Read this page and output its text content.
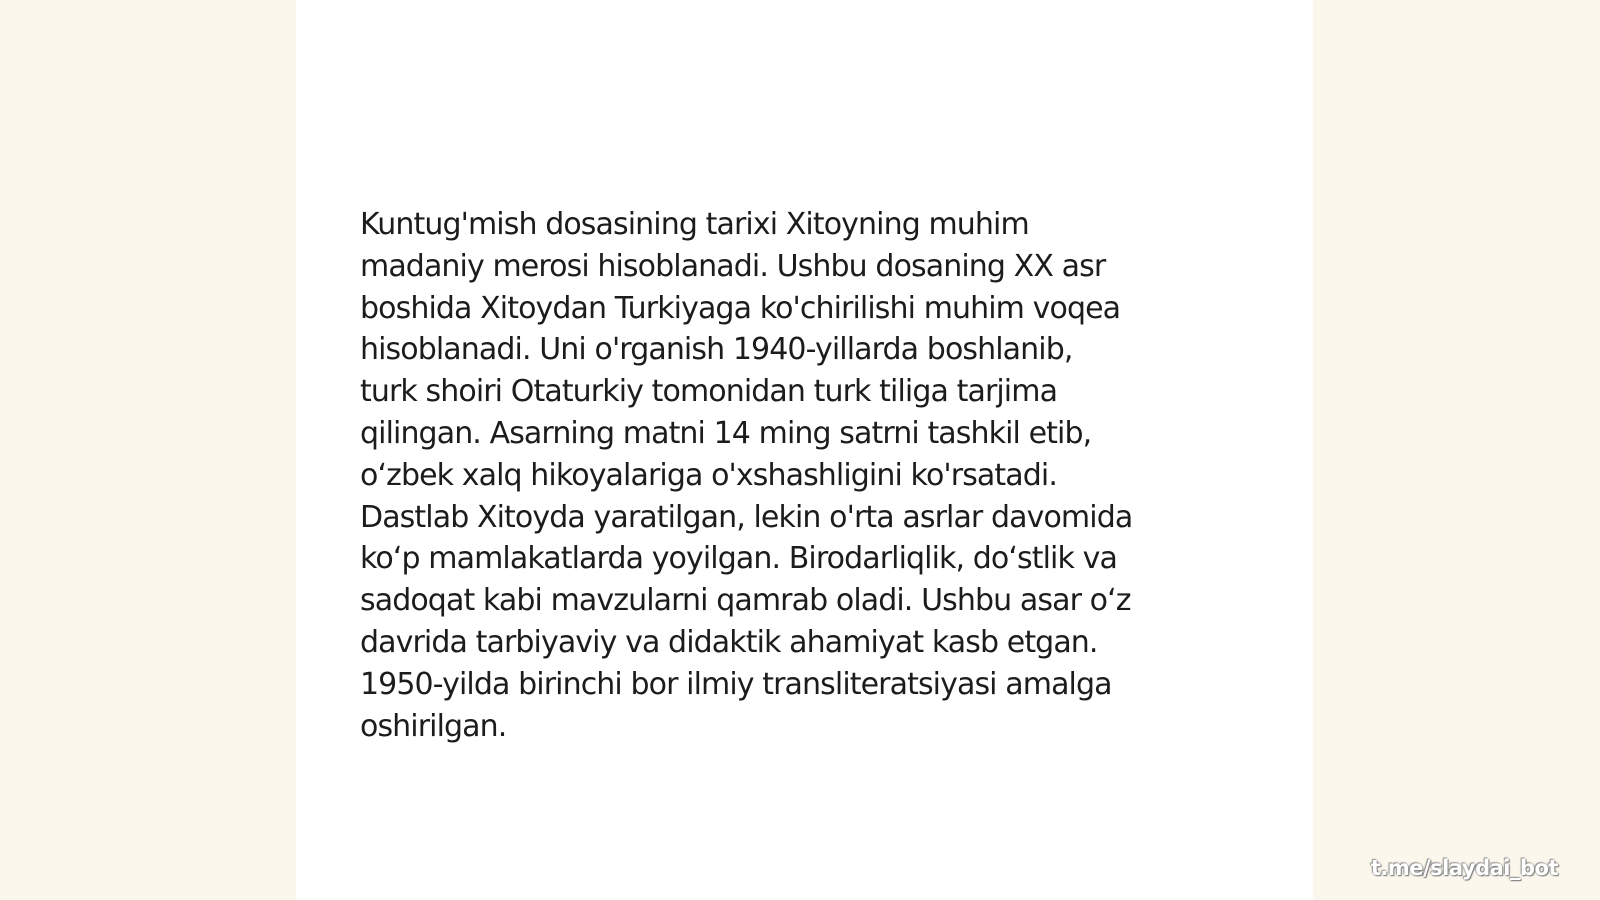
Kuntug'mish dosasining tarixi Xitoyning muhim
madaniy merosi hisoblanadi. Ushbu dosaning XX asr
boshida Xitoydan Turkiyaga ko'chirilishi muhim voqea
hisoblanadi. Uni o'rganish 1940-yillarda boshlanib,
turk shoiri Otaturkiy tomonidan turk tiliga tarjima
qilingan. Asarning matni 14 ming satrni tashkil etib,
o‘zbek xalq hikoyalariga o'xshashligini ko'rsatadi.
Dastlab Xitoyda yaratilgan, lekin o'rta asrlar davomida
ko‘p mamlakatlarda yoyilgan. Birodarliqlik, do‘stlik va
sadoqat kabi mavzularni qamrab oladi. Ushbu asar o‘z
davrida tarbiyaviy va didaktik ahamiyat kasb etgan.
1950-yilda birinchi bor ilmiy transliteratsiyasi amalga
oshirilgan.

t.me/slaydai_bot
